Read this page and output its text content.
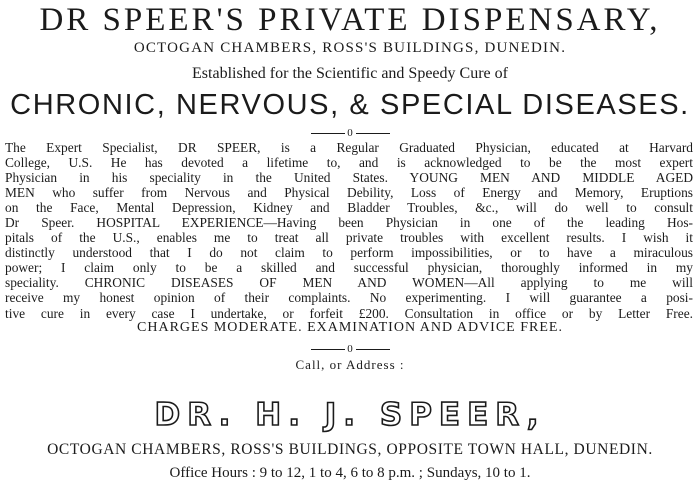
DR SPEER'S PRIVATE DISPENSARY,
OCTOGAN CHAMBERS, ROSS'S BUILDINGS, DUNEDIN.
Established for the Scientific and Speedy Cure of
CHRONIC, NERVOUS, & SPECIAL DISEASES.
0
The Expert Specialist, DR SPEER, is a Regular Graduated Physician, educated at Harvard
College, U.S. He has devoted a lifetime to, and is acknowledged to be the most expert
Physician in his speciality in the United States. YOUNG MEN AND MIDDLE AGED
MEN who suffer from Nervous and Physical Debility, Loss of Energy and Memory, Eruptions
on the Face, Mental Depression, Kidney and Bladder Troubles, &c., will do well to consult
Dr Speer. HOSPITAL EXPERIENCE—Having been Physician in one of the leading Hos-
pitals of the U.S., enables me to treat all private troubles with excellent results. I wish it
distinctly understood that I do not claim to perform impossibilities, or to have a miraculous
power; I claim only to be a skilled and successful physician, thoroughly informed in my
speciality. CHRONIC DISEASES OF MEN AND WOMEN—All applying to me will
receive my honest opinion of their complaints. No experimenting. I will guarantee a posi-
tive cure in every case I undertake, or forfeit £200. Consultation in office or by Letter Free.
CHARGES MODERATE. EXAMINATION AND ADVICE FREE.
0
Call, or Address :
DR. H. J. SPEER,
OCTOGAN CHAMBERS, ROSS'S BUILDINGS, OPPOSITE TOWN HALL, DUNEDIN.
Office Hours : 9 to 12, 1 to 4, 6 to 8 p.m. ; Sundays, 10 to 1.
